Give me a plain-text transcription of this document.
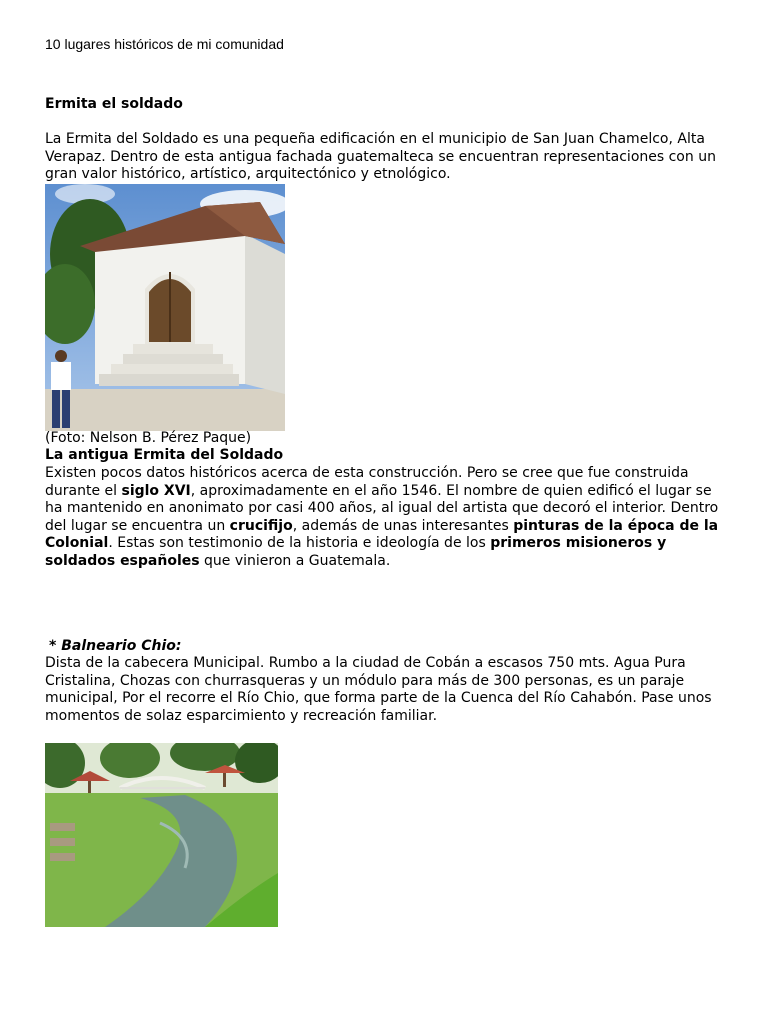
10 lugares históricos de mi comunidad
Ermita el soldado

La Ermita del Soldado es una pequeña edificación en el municipio de San Juan Chamelco, Alta Verapaz. Dentro de esta antigua fachada guatemalteca se encuentran representaciones con un gran valor histórico, artístico, arquitectónico y etnológico.

(Foto: Nelson B. Pérez Paque)
La antigua Ermita del Soldado

Existen pocos datos históricos acerca de esta construcción. Pero se cree que fue construida durante el siglo XVI, aproximadamente en el año 1546. El nombre de quien edificó el lugar se ha mantenido en anonimato por casi 400 años, al igual del artista que decoró el interior. Dentro del lugar se encuentra un crucifijo, además de unas interesantes pinturas de la época de la Colonial. Estas son testimonio de la historia e ideología de los primeros misioneros y soldados españoles que vinieron a Guatemala.

* Balneario Chio:

Dista de la cabecera Municipal. Rumbo a la ciudad de Cobán a escasos 750 mts. Agua Pura Cristalina, Chozas con churrasqueras y un módulo para más de 300 personas, es un paraje municipal, Por el recorre el Río Chio, que forma parte de la Cuenca del Río Cahabón. Pase unos momentos de solaz esparcimiento y recreación familiar.
